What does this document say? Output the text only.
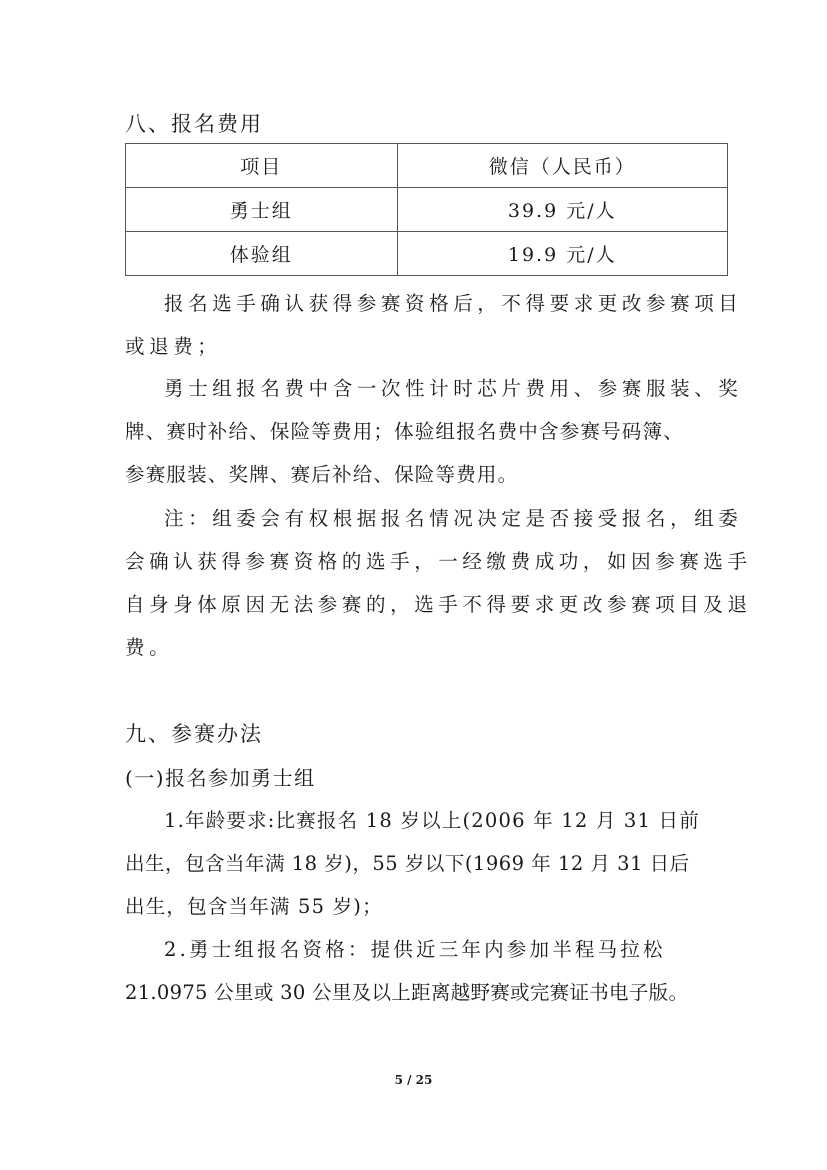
八、报名费用
项目	微信（人民币）
勇士组	39.9 元/人
体验组	19.9 元/人
报名选手确认获得参赛资格后，不得要求更改参赛项目
或退费；
勇士组报名费中含一次性计时芯片费用、参赛服装、奖
牌、赛时补给、保险等费用；体验组报名费中含参赛号码簿、
参赛服装、奖牌、赛后补给、保险等费用。
注：组委会有权根据报名情况决定是否接受报名，组委
会确认获得参赛资格的选手，一经缴费成功，如因参赛选手
自身身体原因无法参赛的，选手不得要求更改参赛项目及退
费。
九、参赛办法
(一)报名参加勇士组
1.年龄要求:比赛报名 18 岁以上(2006 年 12 月 31 日前
出生，包含当年满 18 岁)，55 岁以下(1969 年 12 月 31 日后
出生，包含当年满 55 岁)；
2.勇士组报名资格：提供近三年内参加半程马拉松
21.0975 公里或 30 公里及以上距离越野赛或完赛证书电子版。
5 / 25
